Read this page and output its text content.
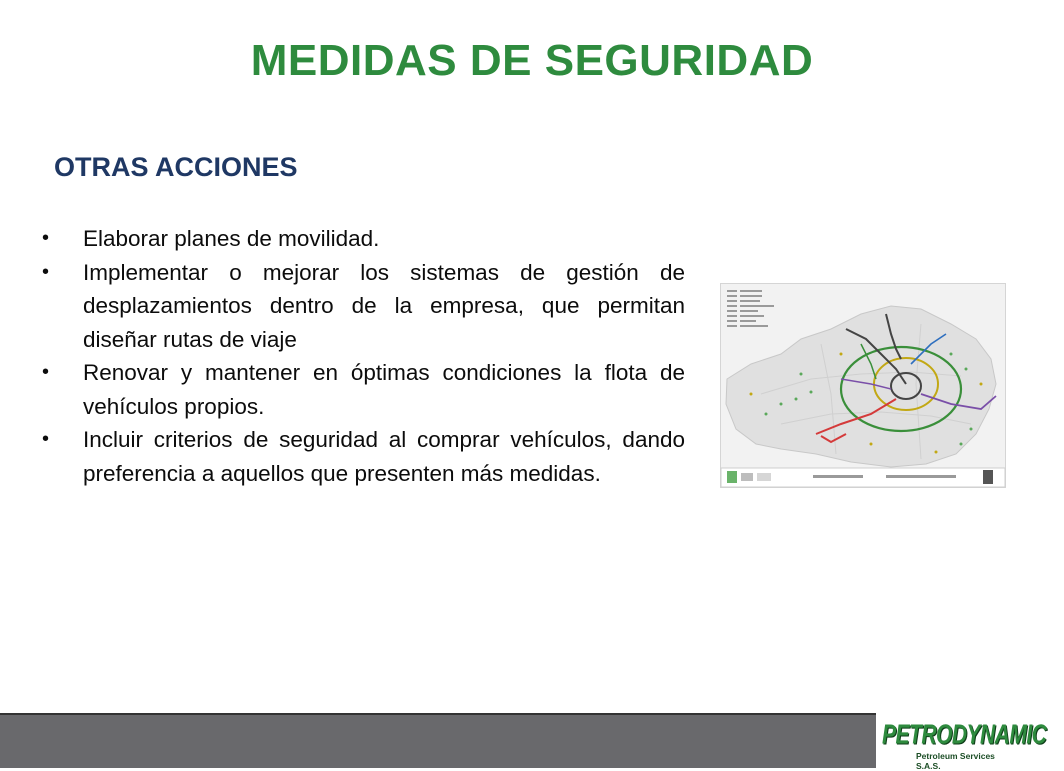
MEDIDAS DE SEGURIDAD
OTRAS ACCIONES
• Elaborar planes de movilidad.
• Implementar o mejorar los sistemas de gestión de desplazamientos dentro de la empresa, que permitan diseñar rutas de viaje
• Renovar y mantener en óptimas condiciones la flota de vehículos propios.
• Incluir criterios de seguridad al comprar vehículos, dando preferencia a aquellos que presenten más medidas.
PETRODYNAMIC
Petroleum Services S.A.S.
